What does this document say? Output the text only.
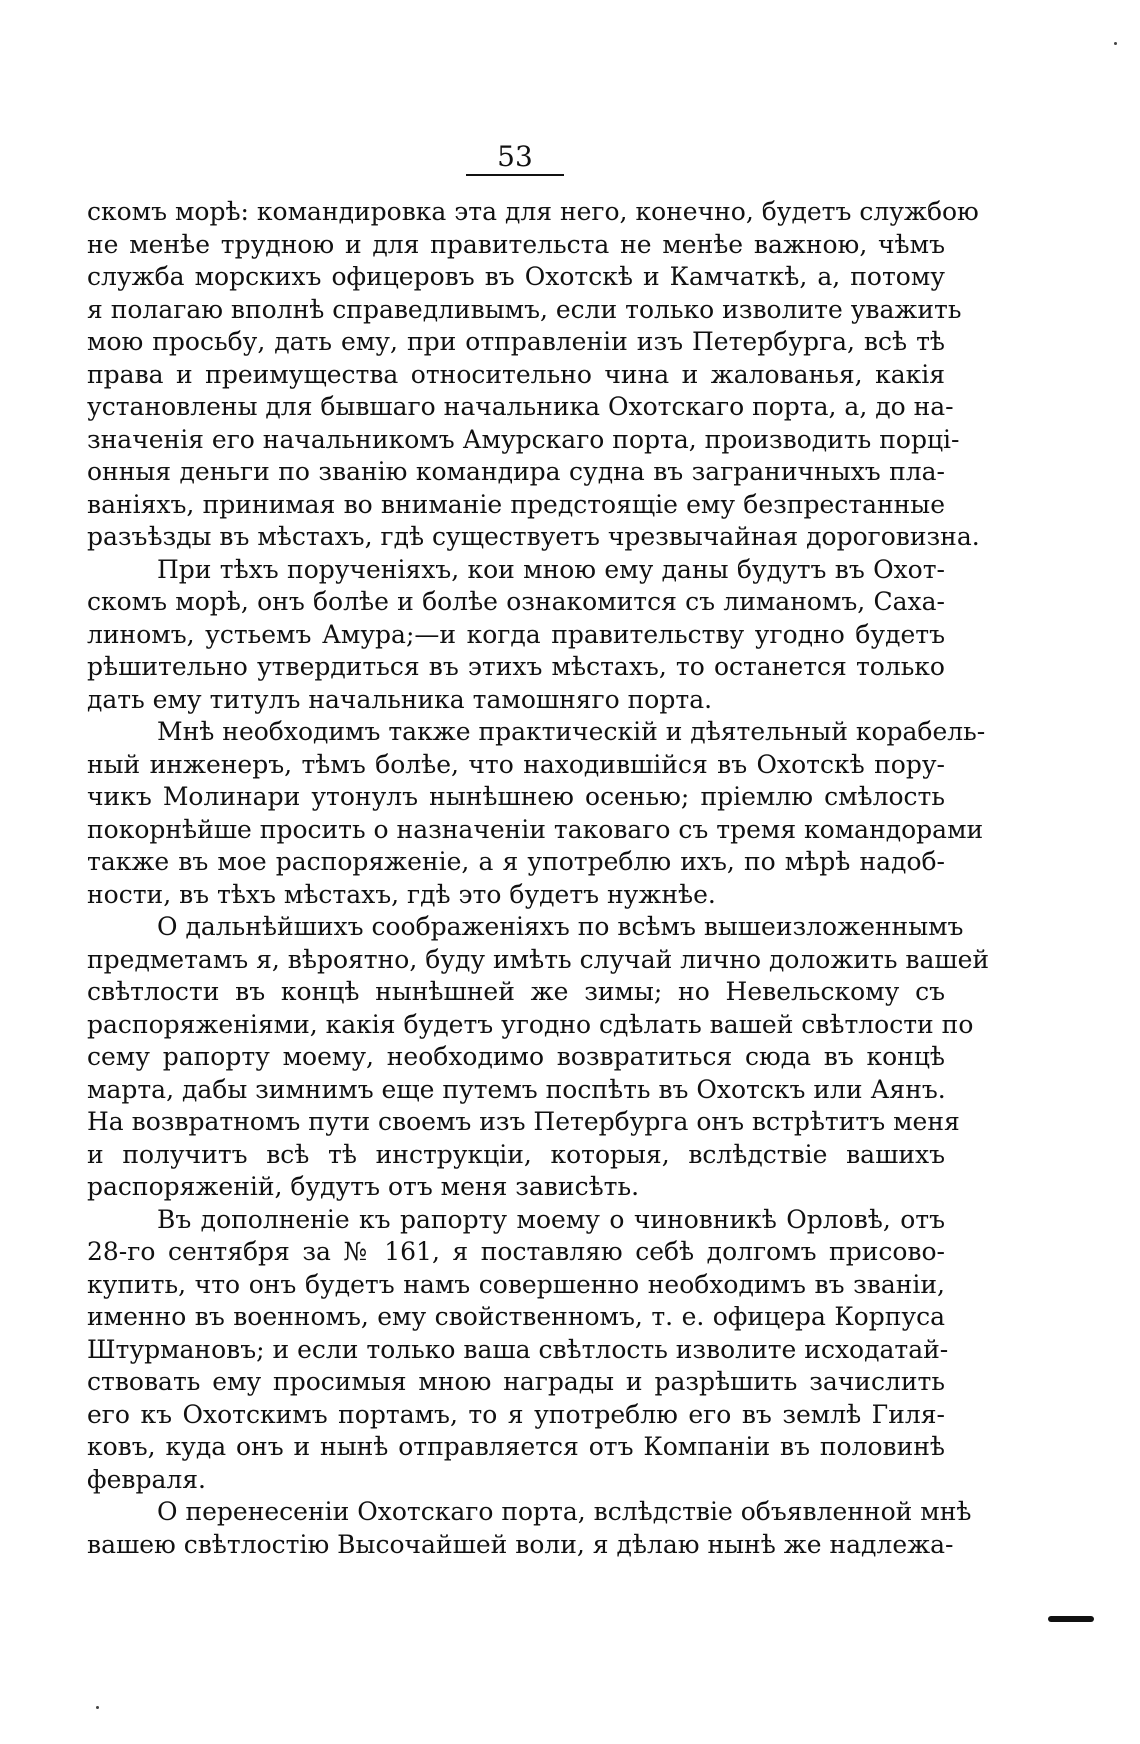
53
скомъ морѣ: командировка эта для него, конечно, будетъ службою
не менѣе трудною и для правительста не менѣе важною, чѣмъ
служба морскихъ офицеровъ въ Охотскѣ и Камчаткѣ, а, потому
я полагаю вполнѣ справедливымъ, если только изволите уважить
мою просьбу, дать ему, при отправленіи изъ Петербурга, всѣ тѣ
права и преимущества относительно чина и жалованья, какія
установлены для бывшаго начальника Охотскаго порта, а, до на-
значенія его начальникомъ Амурскаго порта, производить порці-
онныя деньги по званію командира судна въ заграничныхъ пла-
ваніяхъ, принимая во вниманіе предстоящіе ему безпрестанные
разъѣзды въ мѣстахъ, гдѣ существуетъ чрезвычайная дороговизна.
При тѣхъ порученіяхъ, кои мною ему даны будутъ въ Охот-
скомъ морѣ, онъ болѣе и болѣе ознакомится съ лиманомъ, Саха-
линомъ, устьемъ Амура;—и когда правительству угодно будетъ
рѣшительно утвердиться въ этихъ мѣстахъ, то останется только
дать ему титулъ начальника тамошняго порта.
Мнѣ необходимъ также практическій и дѣятельный корабель-
ный инженеръ, тѣмъ болѣе, что находившійся въ Охотскѣ пору-
чикъ Молинари утонулъ нынѣшнею осенью; пріемлю смѣлость
покорнѣйше просить о назначеніи таковаго съ тремя командорами
также въ мое распоряженіе, а я употреблю ихъ, по мѣрѣ надоб-
ности, въ тѣхъ мѣстахъ, гдѣ это будетъ нужнѣе.
О дальнѣйшихъ соображеніяхъ по всѣмъ вышеизложеннымъ
предметамъ я, вѣроятно, буду имѣть случай лично доложить вашей
свѣтлости въ концѣ нынѣшней же зимы; но Невельскому съ
распоряженіями, какія будетъ угодно сдѣлать вашей свѣтлости по
сему рапорту моему, необходимо возвратиться сюда въ концѣ
марта, дабы зимнимъ еще путемъ поспѣть въ Охотскъ или Аянъ.
На возвратномъ пути своемъ изъ Петербурга онъ встрѣтитъ меня
и получитъ всѣ тѣ инструкціи, которыя, вслѣдствіе вашихъ
распоряженій, будутъ отъ меня зависѣть.
Въ дополненіе къ рапорту моему о чиновникѣ Орловѣ, отъ
28-го сентября за № 161, я поставляю себѣ долгомъ присово-
купить, что онъ будетъ намъ совершенно необходимъ въ званіи,
именно въ военномъ, ему свойственномъ, т. е. офицера Корпуса
Штурмановъ; и если только ваша свѣтлость изволите исходатай-
ствовать ему просимыя мною награды и разрѣшить зачислить
его къ Охотскимъ портамъ, то я употреблю его въ землѣ Гиля-
ковъ, куда онъ и нынѣ отправляется отъ Компаніи въ половинѣ
февраля.
О перенесеніи Охотскаго порта, вслѣдствіе объявленной мнѣ
вашею свѣтлостію Высочайшей воли, я дѣлаю нынѣ же надлежа-
